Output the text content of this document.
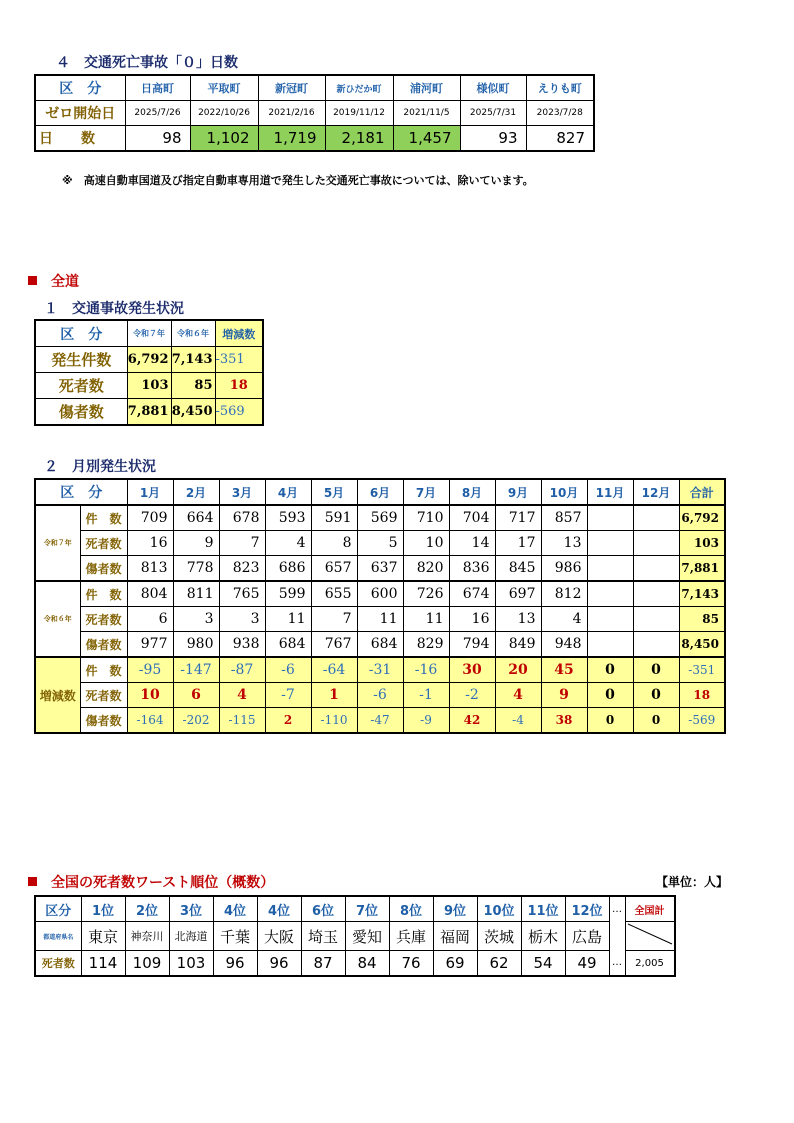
４　交通死亡事故「０」日数
区　分	日高町	平取町	新冠町	新ひだか町	浦河町	様似町	えりも町
ゼロ開始日	2025/7/26	2022/10/26	2021/2/16	2019/11/12	2021/11/5	2025/7/31	2023/7/28
日　　数	98	1,102	1,719	2,181	1,457	93	827
※　高速自動車国道及び指定自動車専用道で発生した交通死亡事故については、除いています。
全道
１　交通事故発生状況
区　分	令和７年	令和６年	増減数
発生件数	6,792	7,143	-351
死者数	103	85	18
傷者数	7,881	8,450	-569
２　月別発生状況
区　分		1月	2月	3月	4月	5月	6月	7月	8月	9月	10月	11月	12月	合計
令和７年	件　数	709	664	678	593	591	569	710	704	717	857			6,792
	死者数	16	9	7	4	8	5	10	14	17	13			103
	傷者数	813	778	823	686	657	637	820	836	845	986			7,881
令和６年	件　数	804	811	765	599	655	600	726	674	697	812			7,143
	死者数	6	3	3	11	7	11	11	16	13	4			85
	傷者数	977	980	938	684	767	684	829	794	849	948			8,450
増減数	件　数	-95	-147	-87	-6	-64	-31	-16	30	20	45	0	0	-351
	死者数	10	6	4	-7	1	-6	-1	-2	4	9	0	0	18
	傷者数	-164	-202	-115	2	-110	-47	-9	42	-4	38	0	0	-569
全国の死者数ワースト順位（概数）	【単位：人】
区分	1位	2位	3位	4位	4位	6位	7位	8位	9位	10位	11位	12位	…	全国計
都道府県名	東京	神奈川	北海道	千葉	大阪	埼玉	愛知	兵庫	福岡	茨城	栃木	広島		
死者数	114	109	103	96	96	87	84	76	69	62	54	49	…	2,005
